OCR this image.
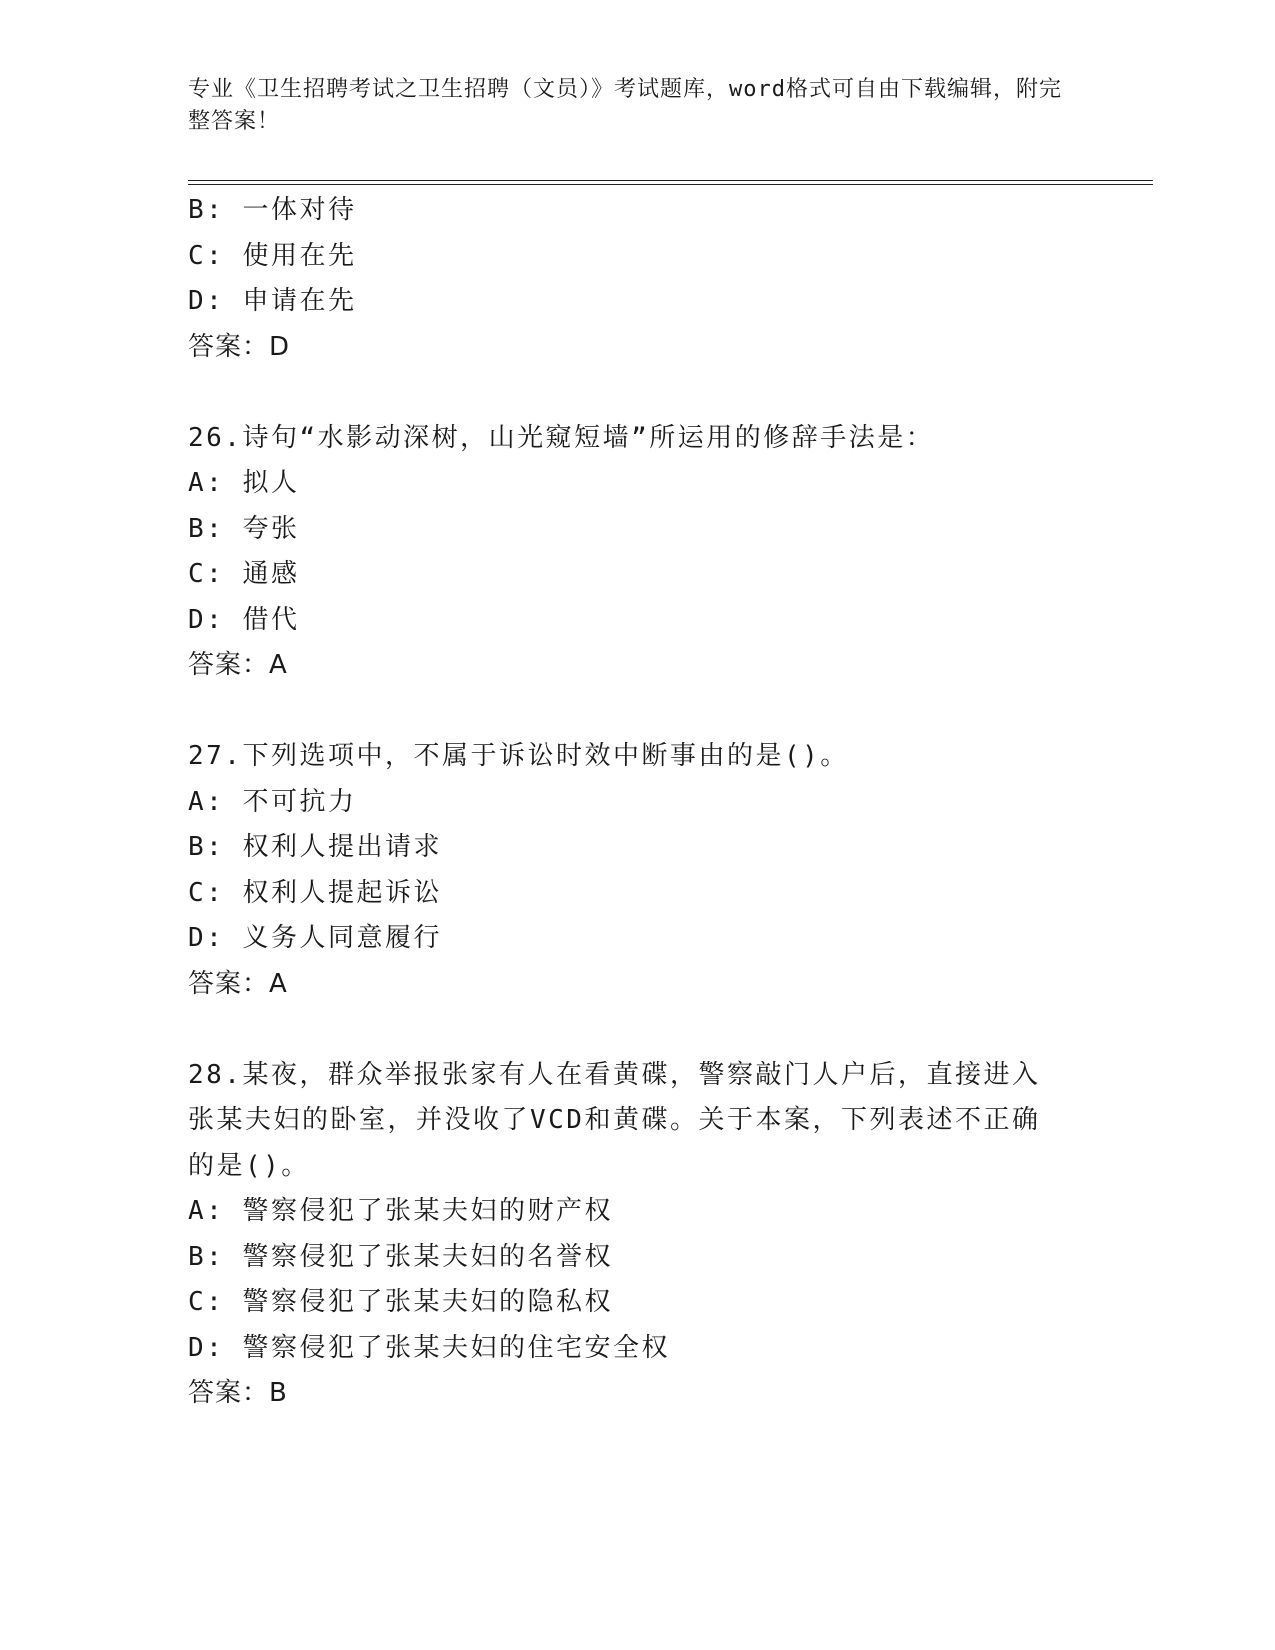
专业《卫生招聘考试之卫生招聘（文员）》考试题库，word格式可自由下载编辑，附完整答案！
B: 一体对待
C: 使用在先
D: 申请在先
答案：D
26.诗句“水影动深树，山光窥短墙”所运用的修辞手法是：
A: 拟人
B: 夸张
C: 通感
D: 借代
答案：A
27.下列选项中，不属于诉讼时效中断事由的是()。
A: 不可抗力
B: 权利人提出请求
C: 权利人提起诉讼
D: 义务人同意履行
答案：A
28.某夜，群众举报张家有人在看黄碟，警察敲门人户后，直接进入张某夫妇的卧室，并没收了VCD和黄碟。关于本案，下列表述不正确的是()。
A: 警察侵犯了张某夫妇的财产权
B: 警察侵犯了张某夫妇的名誉权
C: 警察侵犯了张某夫妇的隐私权
D: 警察侵犯了张某夫妇的住宅安全权
答案：B
